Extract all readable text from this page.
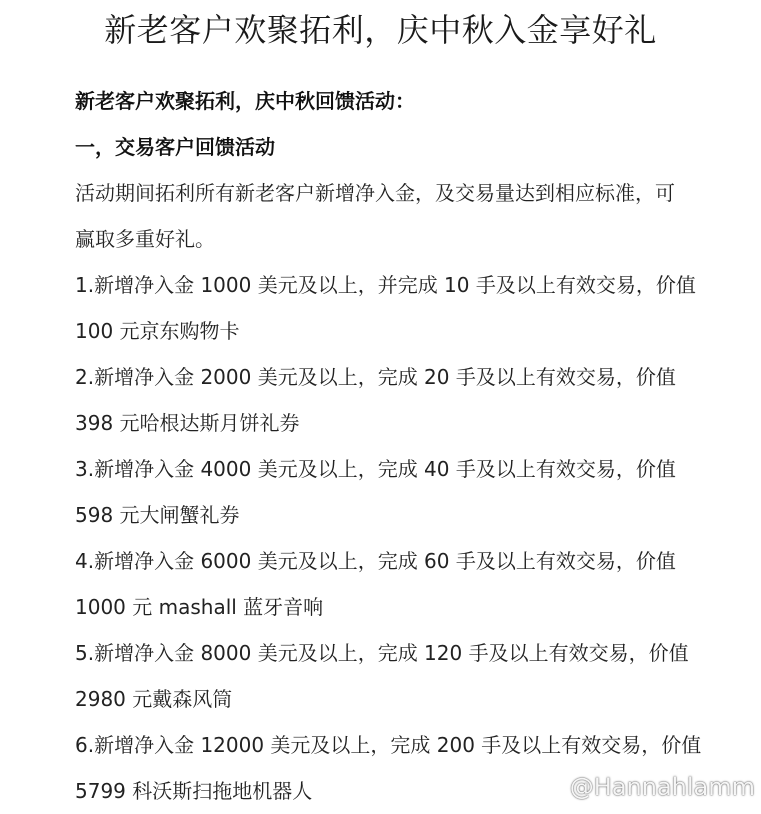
新老客户欢聚拓利，庆中秋入金享好礼
新老客户欢聚拓利，庆中秋回馈活动：
一，交易客户回馈活动
活动期间拓利所有新老客户新增净入金，及交易量达到相应标准，可
赢取多重好礼。
1.新增净入金 1000 美元及以上，并完成 10 手及以上有效交易，价值
100 元京东购物卡
2.新增净入金 2000 美元及以上，完成 20 手及以上有效交易，价值
398 元哈根达斯月饼礼券
3.新增净入金 4000 美元及以上，完成 40 手及以上有效交易，价值
598 元大闸蟹礼券
4.新增净入金 6000 美元及以上，完成 60 手及以上有效交易，价值
1000 元 mashall 蓝牙音响
5.新增净入金 8000 美元及以上，完成 120 手及以上有效交易，价值
2980 元戴森风筒
6.新增净入金 12000 美元及以上，完成 200 手及以上有效交易，价值
5799 科沃斯扫拖地机器人	@Hannahlamm
